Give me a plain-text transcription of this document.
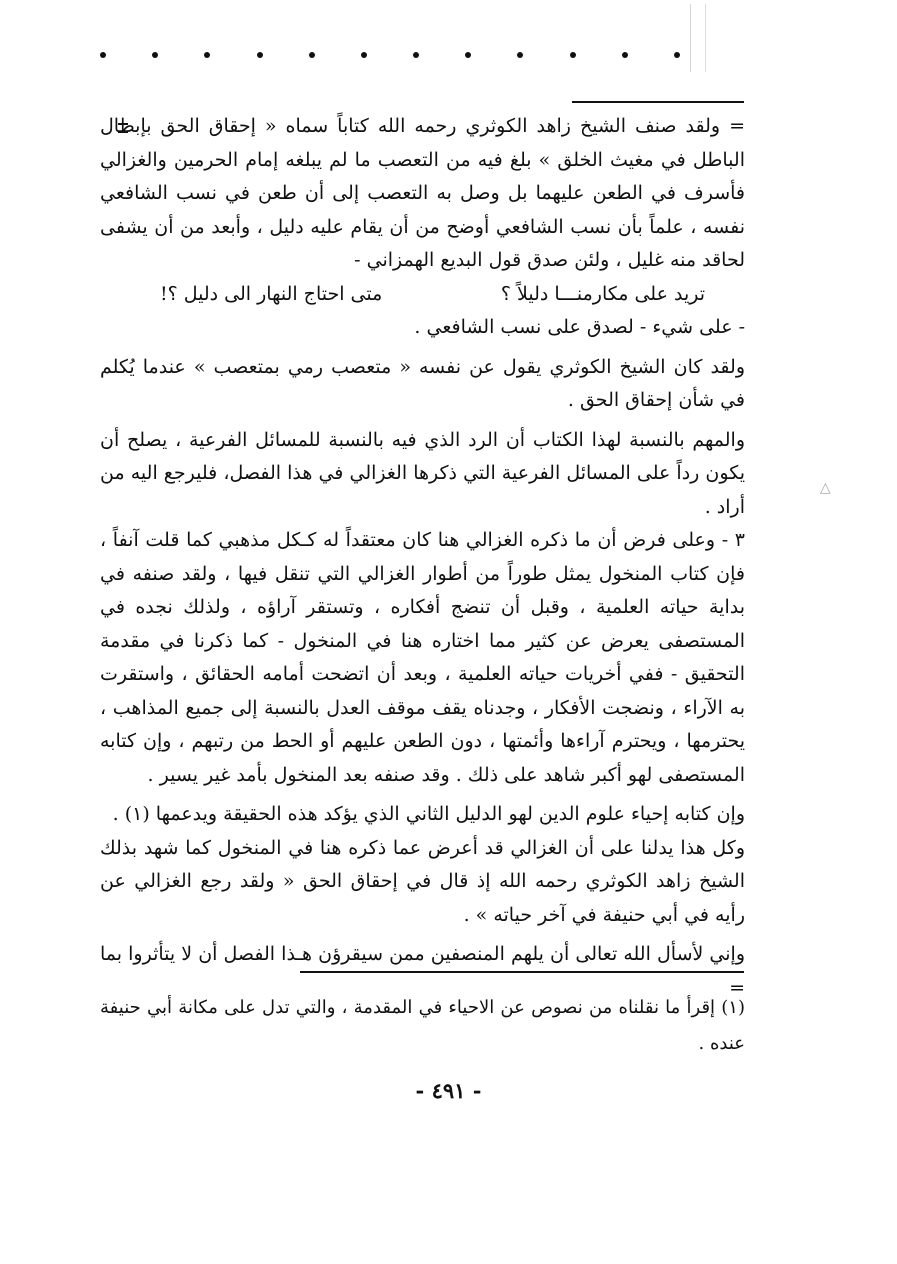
△

= ولقد صنف الشيخ زاهد الكوثري رحمه الله كتاباً سماه « إحقاق الحق بإبطال الباطل في مغيث الخلق » بلغ فيه من التعصب ما لم يبلغه إمام الحرمين والغزالي فأسرف في الطعن عليهما بل وصل به التعصب إلى أن طعن في نسب الشافعي نفسه ، علماً بأن نسب الشافعي أوضح من أن يقام عليه دليل ، وأبعد من أن يشفى لحاقد منه غليل ، ولئن صدق قول البديع الهمزاني -

تريد على مكارمنـــا دليلاً ؟
متى احتاج النهار الى دليل ؟!

- على شيء - لصدق على نسب الشافعي .

ولقد كان الشيخ الكوثري يقول عن نفسه « متعصب رمي بمتعصب » عندما يُكلم في شأن إحقاق الحق .

والمهم بالنسبة لهذا الكتاب أن الرد الذي فيه بالنسبة للمسائل الفرعية ، يصلح أن يكون رداً على المسائل الفرعية التي ذكرها الغزالي في هذا الفصل، فليرجع اليه من أراد .

٣ - وعلى فرض أن ما ذكره الغزالي هنا كان معتقداً له كـكل مذهبي كما قلت آنفاً ، فإن كتاب المنخول يمثل طوراً من أطوار الغزالي التي تنقل فيها ، ولقد صنفه في بداية حياته العلمية ، وقبل أن تنضج أفكاره ، وتستقر آراؤه ، ولذلك نجده في المستصفى يعرض عن كثير مما اختاره هنا في المنخول - كما ذكرنا في مقدمة التحقيق - ففي أخريات حياته العلمية ، وبعد أن اتضحت أمامه الحقائق ، واستقرت به الآراء ، ونضجت الأفكار ، وجدناه يقف موقف العدل بالنسبة إلى جميع المذاهب ، يحترمها ، ويحترم آراءها وأئمتها ، دون الطعن عليهم أو الحط من رتبهم ، وإن كتابه المستصفى لهو أكبر شاهد على ذلك . وقد صنفه بعد المنخول بأمد غير يسير .

وإن كتابه إحياء علوم الدين لهو الدليل الثاني الذي يؤكد هذه الحقيقة ويدعمها (١) .

وكل هذا يدلنا على أن الغزالي قد أعرض عما ذكره هنا في المنخول كما شهد بذلك الشيخ زاهد الكوثري رحمه الله إذ قال في إحقاق الحق « ولقد رجع الغزالي عن رأيه في أبي حنيفة في آخر حياته » .

وإني لأسأل الله تعالى أن يلهم المنصفين ممن سيقرؤن هـذا الفصل أن لا يتأثروا بما =

(١) إقرأ ما نقلناه من نصوص عن الاحياء في المقدمة ، والتي تدل على مكانة أبي حنيفة عنده .
- ٤٩١ -
